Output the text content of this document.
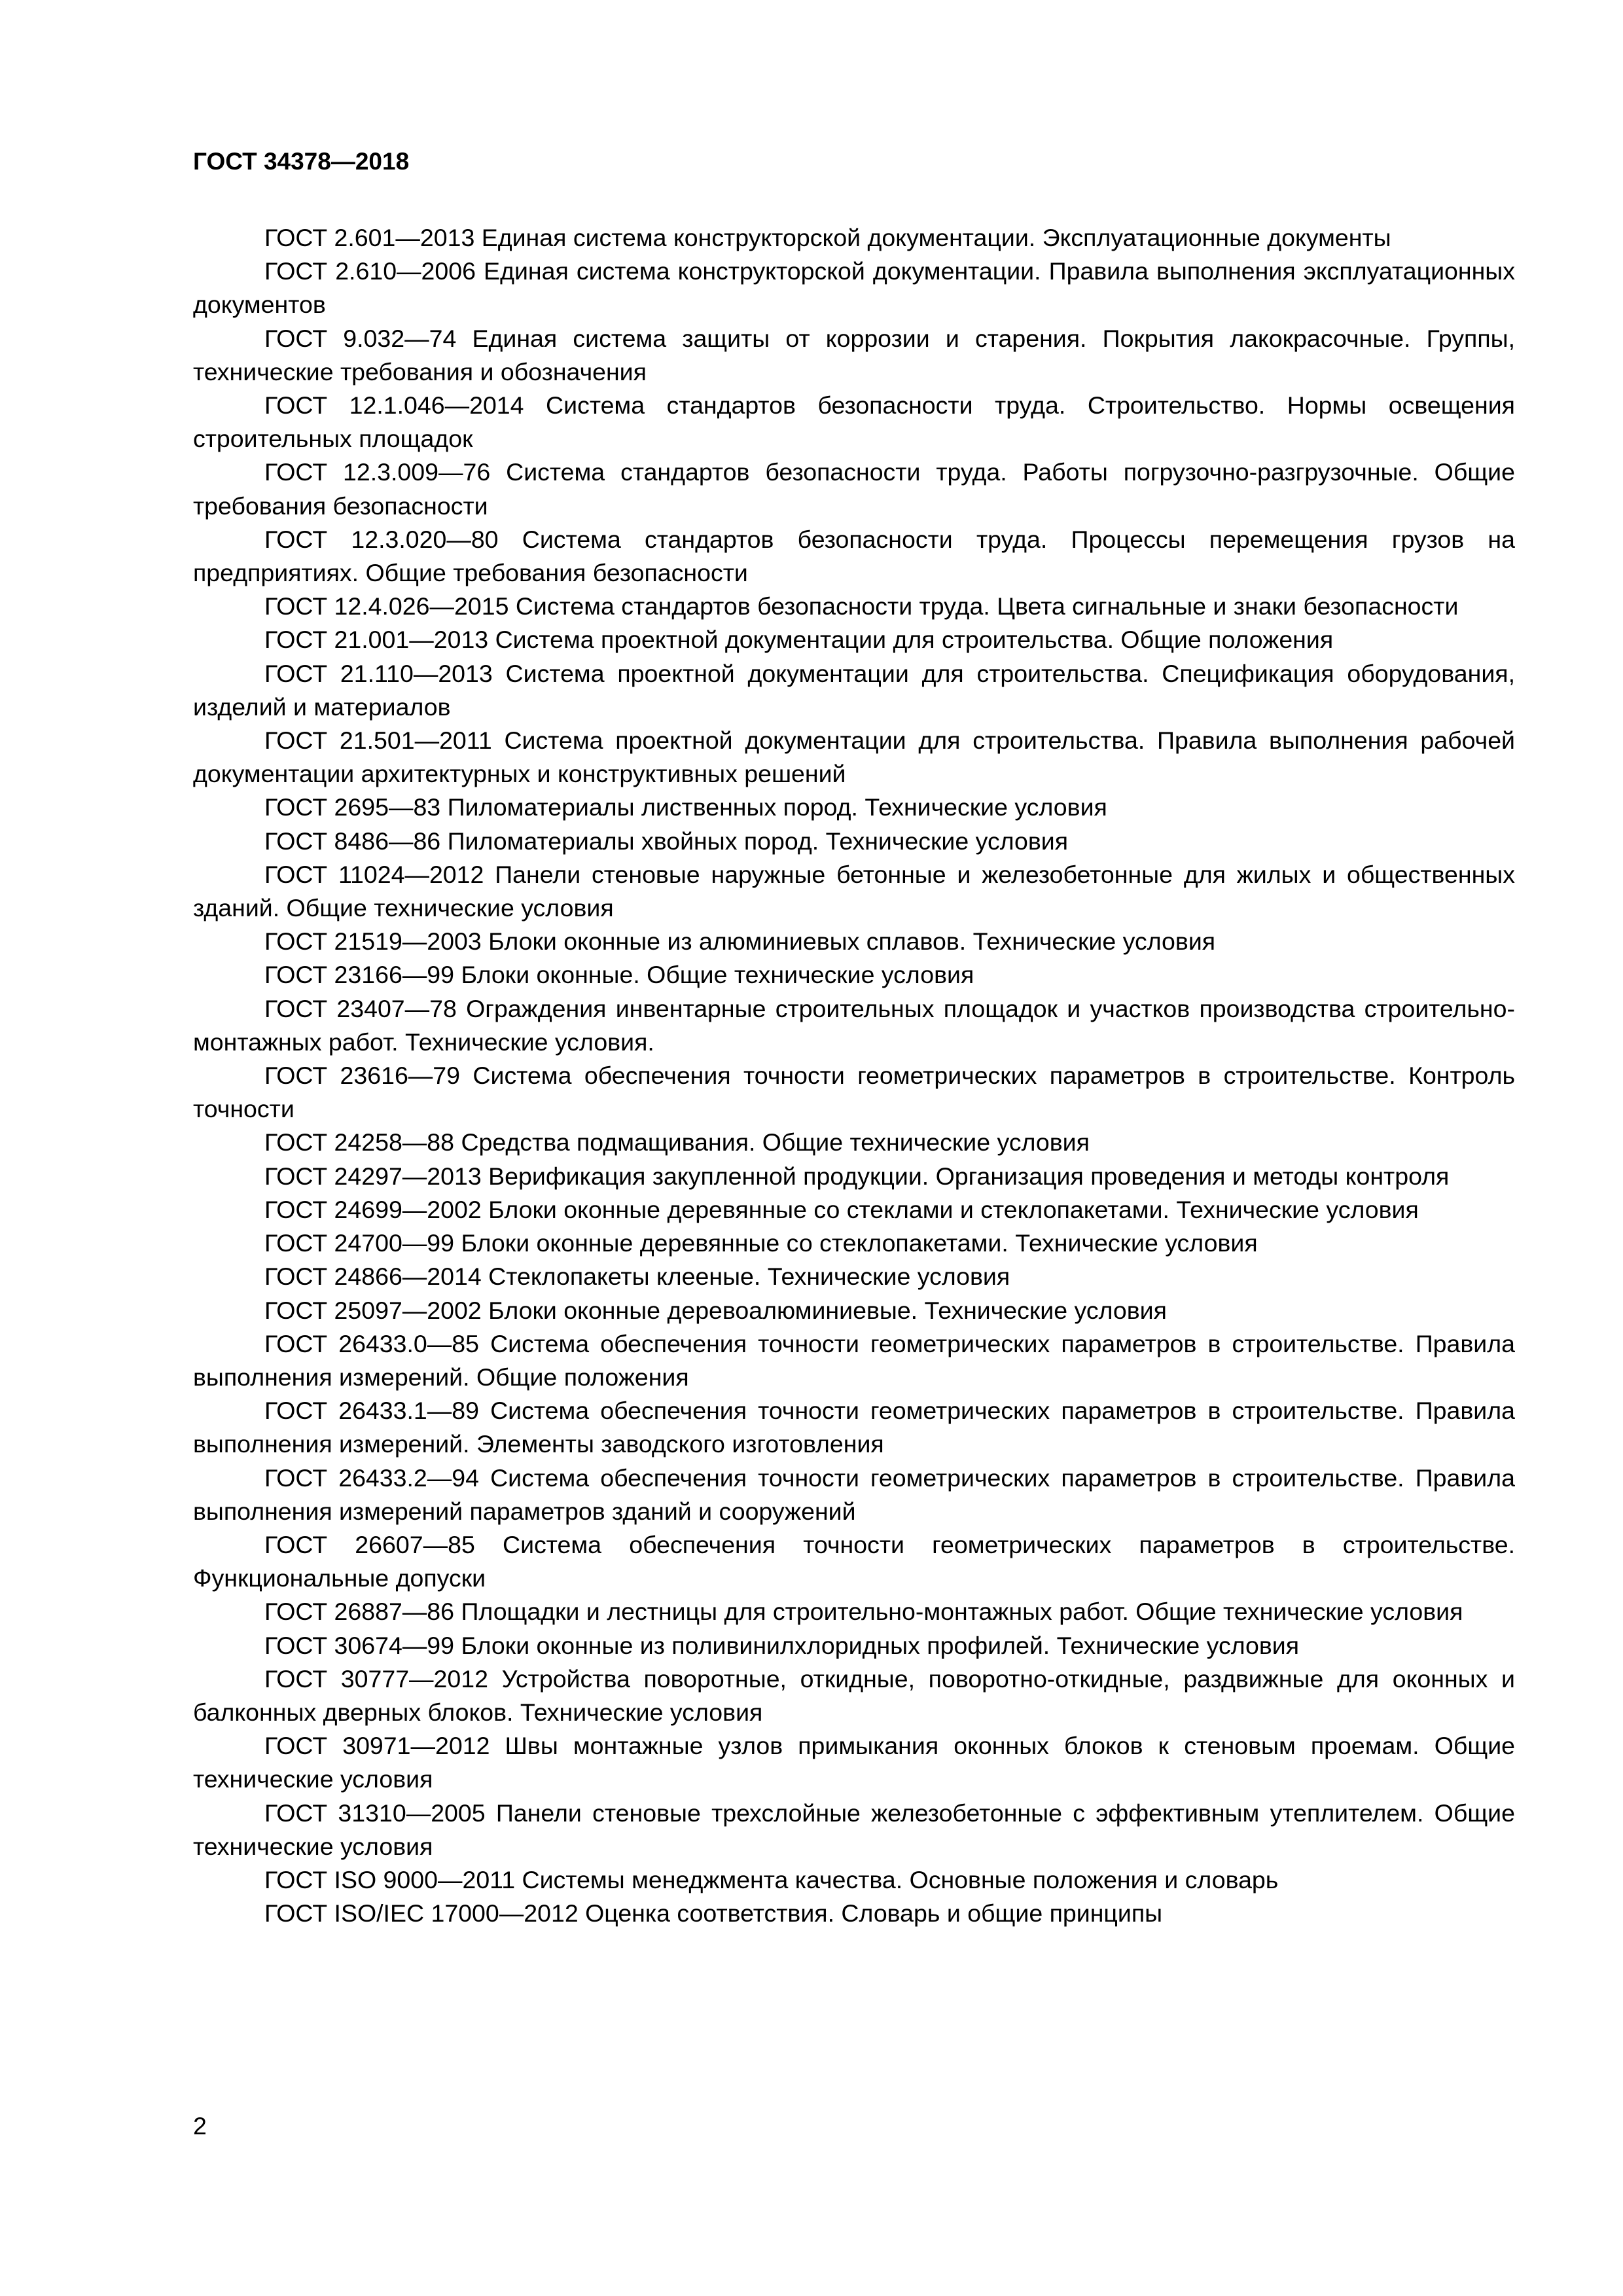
ГОСТ 34378—2018

ГОСТ 2.601—2013 Единая система конструкторской документации. Эксплуатационные документы

ГОСТ 2.610—2006 Единая система конструкторской документации. Правила выполнения эксплуатационных документов

ГОСТ 9.032—74 Единая система защиты от коррозии и старения. Покрытия лакокрасочные. Группы, технические требования и обозначения

ГОСТ 12.1.046—2014 Система стандартов безопасности труда. Строительство. Нормы освещения строительных площадок

ГОСТ 12.3.009—76 Система стандартов безопасности труда. Работы погрузочно-разгрузочные. Общие требования безопасности

ГОСТ 12.3.020—80 Система стандартов безопасности труда. Процессы перемещения грузов на предприятиях. Общие требования безопасности

ГОСТ 12.4.026—2015 Система стандартов безопасности труда. Цвета сигнальные и знаки безопасности

ГОСТ 21.001—2013 Система проектной документации для строительства. Общие положения

ГОСТ 21.110—2013 Система проектной документации для строительства. Спецификация оборудования, изделий и материалов

ГОСТ 21.501—2011 Система проектной документации для строительства. Правила выполнения рабочей документации архитектурных и конструктивных решений

ГОСТ 2695—83 Пиломатериалы лиственных пород. Технические условия

ГОСТ 8486—86 Пиломатериалы хвойных пород. Технические условия

ГОСТ 11024—2012 Панели стеновые наружные бетонные и железобетонные для жилых и общественных зданий. Общие технические условия

ГОСТ 21519—2003 Блоки оконные из алюминиевых сплавов. Технические условия

ГОСТ 23166—99 Блоки оконные. Общие технические условия

ГОСТ 23407—78 Ограждения инвентарные строительных площадок и участков производства строительно-монтажных работ. Технические условия.

ГОСТ 23616—79 Система обеспечения точности геометрических параметров в строительстве. Контроль точности

ГОСТ 24258—88 Средства подмащивания. Общие технические условия

ГОСТ 24297—2013 Верификация закупленной продукции. Организация проведения и методы контроля

ГОСТ 24699—2002 Блоки оконные деревянные со стеклами и стеклопакетами. Технические условия

ГОСТ 24700—99 Блоки оконные деревянные со стеклопакетами. Технические условия

ГОСТ 24866—2014 Стеклопакеты клееные. Технические условия

ГОСТ 25097—2002 Блоки оконные деревоалюминиевые. Технические условия

ГОСТ 26433.0—85 Система обеспечения точности геометрических параметров в строительстве. Правила выполнения измерений. Общие положения

ГОСТ 26433.1—89 Система обеспечения точности геометрических параметров в строительстве. Правила выполнения измерений. Элементы заводского изготовления

ГОСТ 26433.2—94 Система обеспечения точности геометрических параметров в строительстве. Правила выполнения измерений параметров зданий и сооружений

ГОСТ 26607—85 Система обеспечения точности геометрических параметров в строительстве. Функциональные допуски

ГОСТ 26887—86 Площадки и лестницы для строительно-монтажных работ. Общие технические условия

ГОСТ 30674—99 Блоки оконные из поливинилхлоридных профилей. Технические условия

ГОСТ 30777—2012 Устройства поворотные, откидные, поворотно-откидные, раздвижные для оконных и балконных дверных блоков. Технические условия

ГОСТ 30971—2012 Швы монтажные узлов примыкания оконных блоков к стеновым проемам. Общие технические условия

ГОСТ 31310—2005 Панели стеновые трехслойные железобетонные с эффективным утеплителем. Общие технические условия

ГОСТ ISO 9000—2011 Системы менеджмента качества. Основные положения и словарь

ГОСТ ISO/IEC 17000—2012 Оценка соответствия. Словарь и общие принципы

2
